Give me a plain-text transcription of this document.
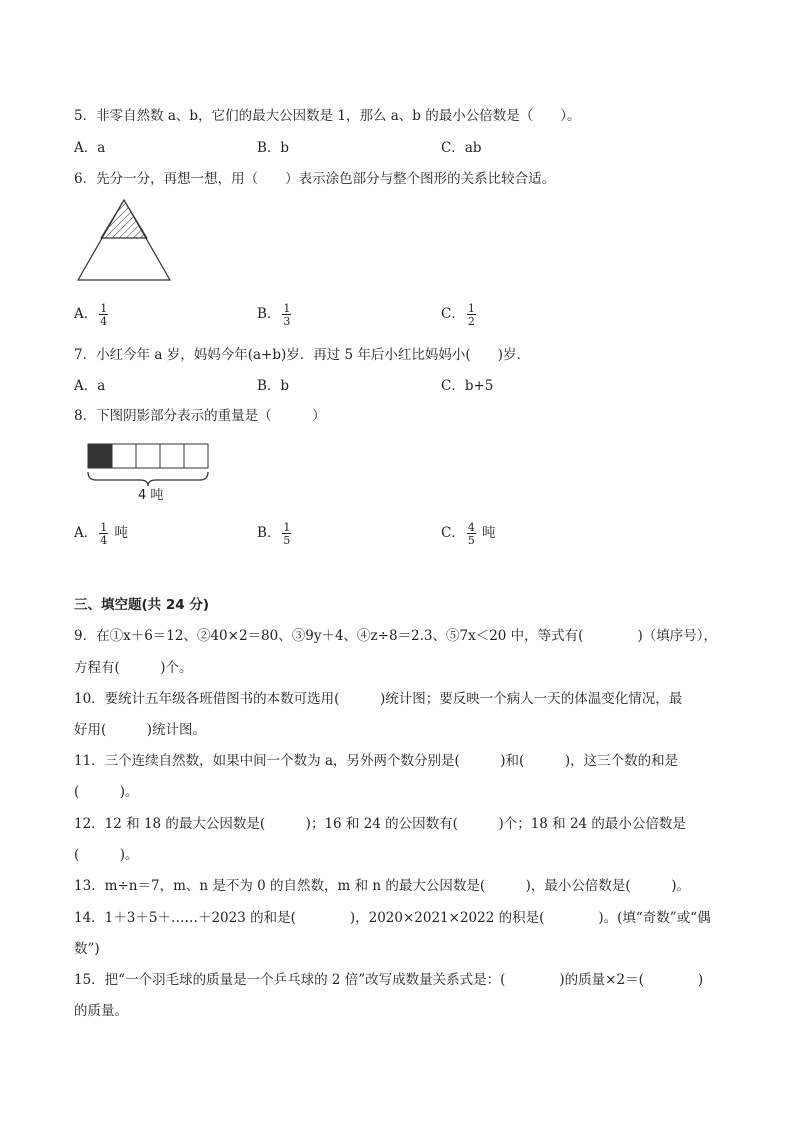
5．非零自然数 a、b，它们的最大公因数是 1，那么 a、b 的最小公倍数是（　　）。
A．a	B．b	C．ab
6．先分一分，再想一想，用（　　）表示涂色部分与整个图形的关系比较合适。
A． $\frac{1}{4}$	B． $\frac{1}{3}$	C． $\frac{1}{2}$
7．小红今年 a 岁，妈妈今年(a+b)岁．再过 5 年后小红比妈妈小(　　)岁．
A．a	B．b	C．b+5
8．下图阴影部分表示的重量是（　　　）
4 吨
A． $\frac{1}{4}$ 吨	B． $\frac{1}{5}$	C． $\frac{4}{5}$ 吨
三、填空题(共 24 分)
9．在①x＋6＝12、②40×2＝80、③9y＋4、④z÷8＝2.3、⑤7x＜20 中，等式有(　　　　)（填序号），
方程有(　　　)个。
10．要统计五年级各班借图书的本数可选用(　　　)统计图；要反映一个病人一天的体温变化情况，最
好用(　　　)统计图。
11．三个连续自然数，如果中间一个数为 a，另外两个数分别是(　　　)和(　　　)，这三个数的和是
(　　　)。
12．12 和 18 的最大公因数是(　　　)；16 和 24 的公因数有(　　　)个；18 和 24 的最小公倍数是
(　　　)。
13．m÷n＝7，m、n 是不为 0 的自然数，m 和 n 的最大公因数是(　　　)，最小公倍数是(　　　)。
14．1＋3＋5＋……＋2023 的和是(　　　　)，2020×2021×2022 的积是(　　　　)。(填“奇数”或“偶
数”)
15．把“一个羽毛球的质量是一个乒乓球的 2 倍”改写成数量关系式是：(　　　　)的质量×2＝(　　　　)
的质量。
